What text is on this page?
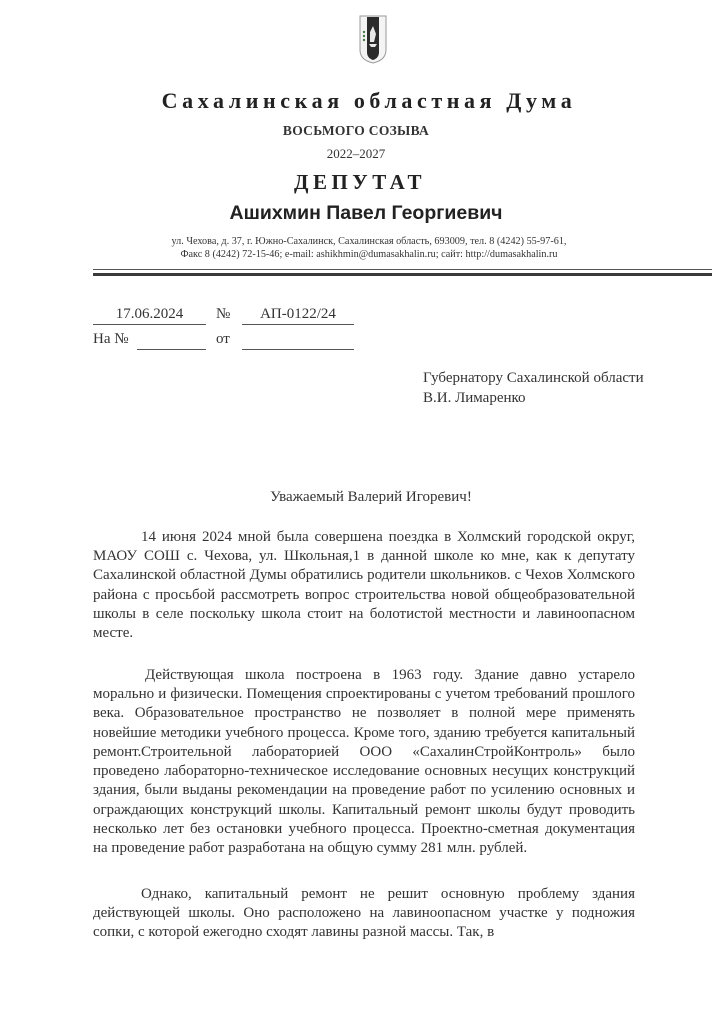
Сахалинская областная Дума
ВОСЬМОГО СОЗЫВА
2022–2027
ДЕПУТАТ
Ашихмин Павел Георгиевич
ул. Чехова, д. 37, г. Южно-Сахалинск, Сахалинская область, 693009, тел. 8 (4242) 55-97-61,
Факс 8 (4242) 72-15-46; e-mail: ashikhmin@dumasakhalin.ru; сайт: http://dumasakhalin.ru
17.06.2024	№	АП-0122/24
На №	от
Губернатору Сахалинской области
В.И. Лимаренко
Уважаемый Валерий Игоревич!

14 июня 2024 мной была совершена поездка в Холмский городской округ, МАОУ СОШ с. Чехова, ул. Школьная,1 в данной школе ко мне, как к депутату Сахалинской областной Думы обратились родители школьников. с Чехов Холмского района с просьбой рассмотреть вопрос строительства новой общеобразовательной школы в селе поскольку школа стоит на болотистой местности и лавиноопасном месте.

Действующая школа построена в 1963 году. Здание давно устарело морально и физически. Помещения спроектированы с учетом требований прошлого века. Образовательное пространство не позволяет в полной мере применять новейшие методики учебного процесса. Кроме того, зданию требуется капитальный ремонт. Строительной лабораторией ООО «СахалинСтройКонтроль» было проведено лабораторно-техническое исследование основных несущих конструкций здания, были выданы рекомендации на проведение работ по усилению основных и ограждающих конструкций школы. Капитальный ремонт школы будут проводить несколько лет без остановки учебного процесса. Проектно-сметная документация на проведение работ разработана на общую сумму 281 млн. рублей.

Однако, капитальный ремонт не решит основную проблему здания действующей школы. Оно расположено на лавиноопасном участке у подножия сопки, с которой ежегодно сходят лавины разной массы. Так, в
